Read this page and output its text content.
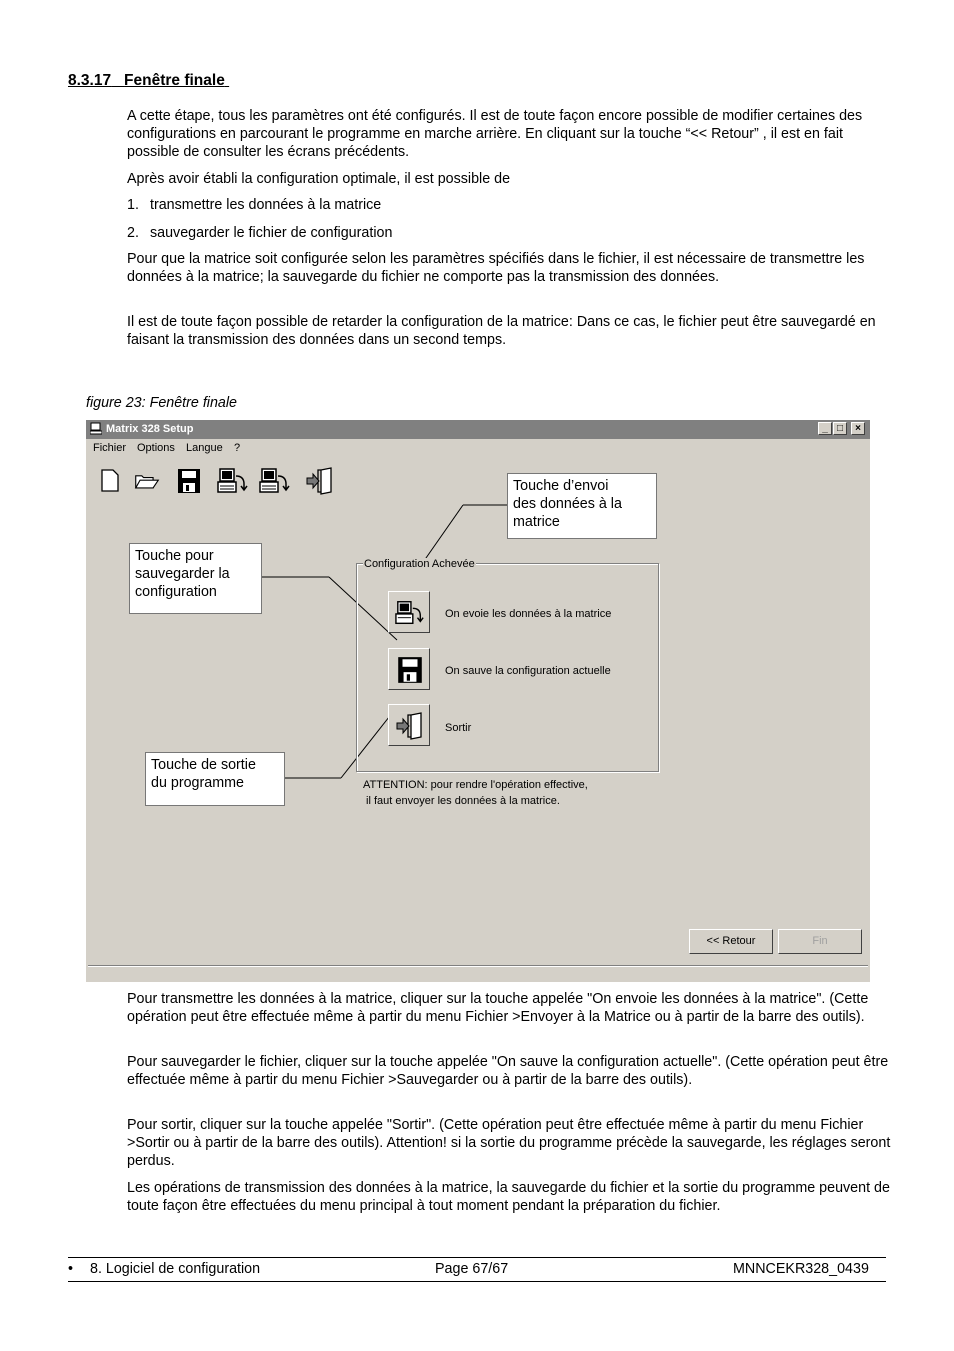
8.3.17 Fenêtre finale
A cette étape, tous les paramètres ont été configurés. Il est de toute façon encore possible de modifier certaines des configurations en parcourant le programme en marche arrière. En cliquant sur la touche “<< Retour” , il est en fait possible de consulter les écrans précédents.
Après avoir établi la configuration optimale, il est possible de
1. transmettre les données à la matrice
2. sauvegarder le fichier de configuration
Pour que la matrice soit configurée selon les paramètres spécifiés dans le fichier, il est nécessaire de transmettre les données à la matrice; la sauvegarde du fichier ne comporte pas la transmission des données.
Il est de toute façon possible de retarder la configuration de la matrice: Dans ce cas, le fichier peut être sauvegardé en faisant la transmission des données dans un second temps.
figure 23: Fenêtre finale
Matrix 328 Setup	_ □	×
Fichier Options Langue ?
Configuration Achevée
On evoie les données à la matrice
On sauve la configuration actuelle
Sortir
ATTENTION: pour rendre l'opération effective,
il faut envoyer les données à la matrice.
Touche d’envoi
des données à la
matrice
Touche pour
sauvegarder la
configuration
Touche de sortie
du programme
<< Retour	Fin
Pour transmettre les données à la matrice, cliquer sur la touche appelée "On envoie les données à la matrice". (Cette opération peut être effectuée même à partir du menu Fichier >Envoyer à la Matrice ou à partir de la barre des outils).
Pour sauvegarder le fichier, cliquer sur la touche appelée "On sauve la configuration actuelle". (Cette opération peut être effectuée même à partir du menu Fichier >Sauvegarder ou à partir de la barre des outils).
Pour sortir, cliquer sur la touche appelée "Sortir". (Cette opération peut être effectuée même à partir du menu Fichier >Sortir ou à partir de la barre des outils). Attention! si la sortie du programme précède la sauvegarde, les réglages seront perdus.
Les opérations de transmission des données à la matrice, la sauvegarde du fichier et la sortie du programme peuvent de toute façon être effectuées du menu principal à tout moment pendant la préparation du fichier.
• 8. Logiciel de configuration	Page 67/67	MNNCEKR328_0439
